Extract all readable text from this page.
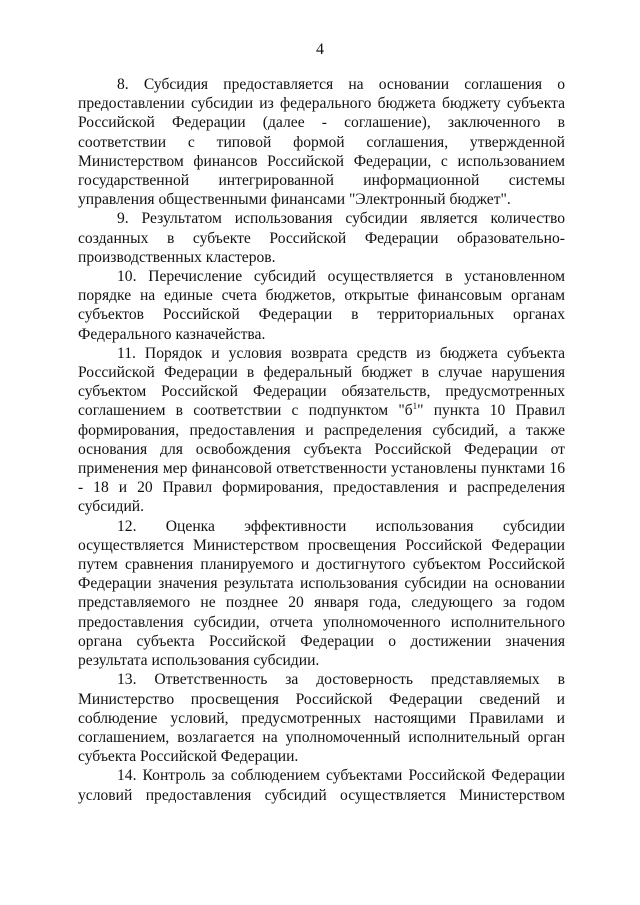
4

8. Субсидия предоставляется на основании соглашения о предоставлении субсидии из федерального бюджета бюджету субъекта Российской Федерации (далее - соглашение), заключенного в соответствии с типовой формой соглашения, утвержденной Министерством финансов Российской Федерации, с использованием государственной интегрированной информационной системы управления общественными финансами "Электронный бюджет".

9. Результатом использования субсидии является количество созданных в субъекте Российской Федерации образовательно-производственных кластеров.

10. Перечисление субсидий осуществляется в установленном порядке на единые счета бюджетов, открытые финансовым органам субъектов Российской Федерации в территориальных органах Федерального казначейства.

11. Порядок и условия возврата средств из бюджета субъекта Российской Федерации в федеральный бюджет в случае нарушения субъектом Российской Федерации обязательств, предусмотренных соглашением в соответствии с подпунктом "$б^1$" пункта 10 Правил формирования, предоставления и распределения субсидий, а также основания для освобождения субъекта Российской Федерации от применения мер финансовой ответственности установлены пунктами 16 - 18 и 20 Правил формирования, предоставления и распределения субсидий.

12. Оценка эффективности использования субсидии осуществляется Министерством просвещения Российской Федерации путем сравнения планируемого и достигнутого субъектом Российской Федерации значения результата использования субсидии на основании представляемого не позднее 20 января года, следующего за годом предоставления субсидии, отчета уполномоченного исполнительного органа субъекта Российской Федерации о достижении значения результата использования субсидии.

13. Ответственность за достоверность представляемых в Министерство просвещения Российской Федерации сведений и соблюдение условий, предусмотренных настоящими Правилами и соглашением, возлагается на уполномоченный исполнительный орган субъекта Российской Федерации.

14. Контроль за соблюдением субъектами Российской Федерации условий предоставления субсидий осуществляется Министерством
